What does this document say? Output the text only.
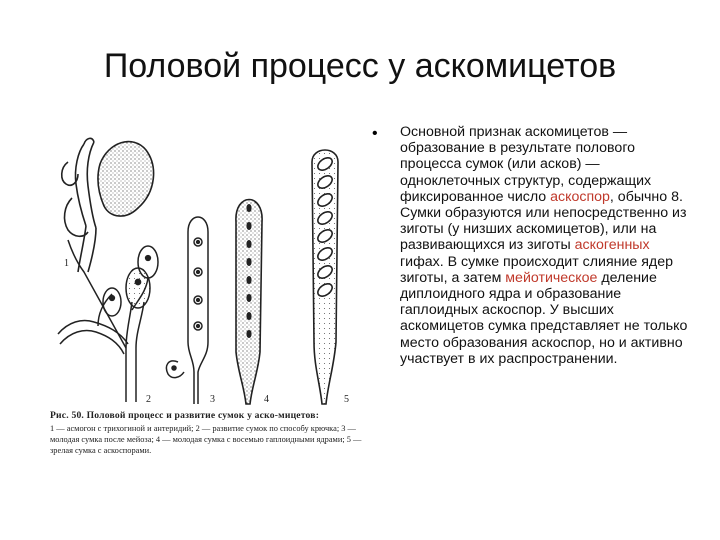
Половой процесс у аскомицетов
1
2	3	4	5
Рис. 50. Половой процесс и развитие сумок у аско-мицетов:
1 — асмогон с трихогиной и антеридий; 2 — развитие сумок по способу крючка; 3 — молодая сумка после мейоза; 4 — молодая сумка с восемью гаплоидными ядрами; 5 — зрелая сумка с аскоспорами.
• Основной признак аскомицетов — образование в результате полового процесса сумок (или асков) — одноклеточных структур, содержащих фиксированное число аскоспор, обычно 8. Сумки образуются или непосредственно из зиготы (у низших аскомицетов), или на развивающихся из зиготы аскогенных гифах. В сумке происходит слияние ядер зиготы, а затем мейотическое деление диплоидного ядра и образование гаплоидных аскоспор. У высших аскомицетов сумка представляет не только место образования аскоспор, но и активно участвует в их распространении.
